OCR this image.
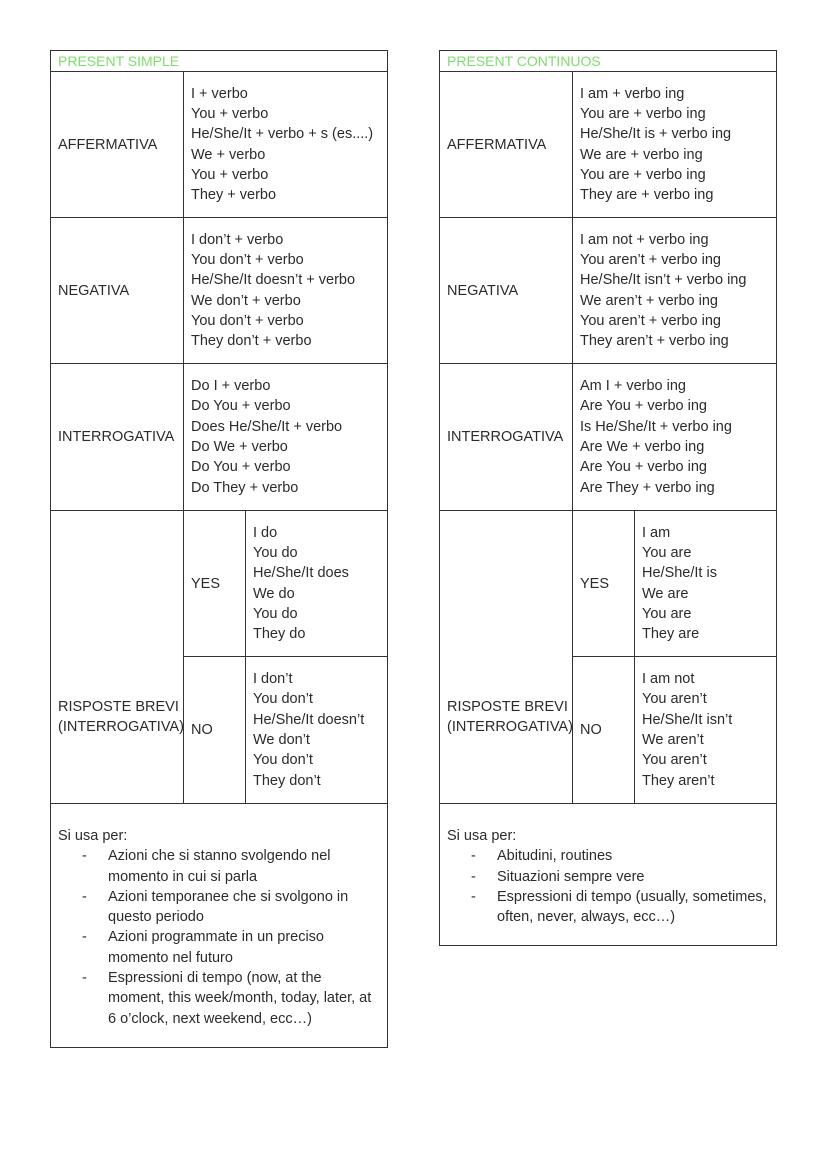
PRESENT SIMPLE
AFFERMATIVA
I + verbo
You + verbo
He/She/It + verbo + s (es....)
We + verbo
You + verbo
They + verbo
NEGATIVA
I don’t + verbo
You don’t + verbo
He/She/It doesn’t + verbo
We don’t + verbo
You don’t + verbo
They don’t + verbo
INTERROGATIVA
Do I + verbo
Do You + verbo
Does He/She/It + verbo
Do We + verbo
Do You + verbo
Do They + verbo
RISPOSTE BREVI
(INTERROGATIVA)
YES
I do
You do
He/She/It does
We do
You do
They do
NO
I don’t
You don’t
He/She/It doesn’t
We don’t
You don’t
They don’t
Si usa per:
- Azioni che si stanno svolgendo nel momento in cui si parla
- Azioni temporanee che si svolgono in questo periodo
- Azioni programmate in un preciso momento nel futuro
- Espressioni di tempo (now, at the moment, this week/month, today, later, at 6 o’clock, next weekend, ecc…)
PRESENT CONTINUOS
AFFERMATIVA
I am + verbo ing
You are + verbo ing
He/She/It is + verbo ing
We are + verbo ing
You are + verbo ing
They are + verbo ing
NEGATIVA
I am not + verbo ing
You aren’t + verbo ing
He/She/It isn’t + verbo ing
We aren’t + verbo ing
You aren’t + verbo ing
They aren’t + verbo ing
INTERROGATIVA
Am I + verbo ing
Are You + verbo ing
Is He/She/It + verbo ing
Are We + verbo ing
Are You + verbo ing
Are They + verbo ing
RISPOSTE BREVI
(INTERROGATIVA)
YES
I am
You are
He/She/It is
We are
You are
They are
NO
I am not
You aren’t
He/She/It isn’t
We aren’t
You aren’t
They aren’t
Si usa per:
- Abitudini, routines
- Situazioni sempre vere
- Espressioni di tempo (usually, sometimes, often, never, always, ecc…)
